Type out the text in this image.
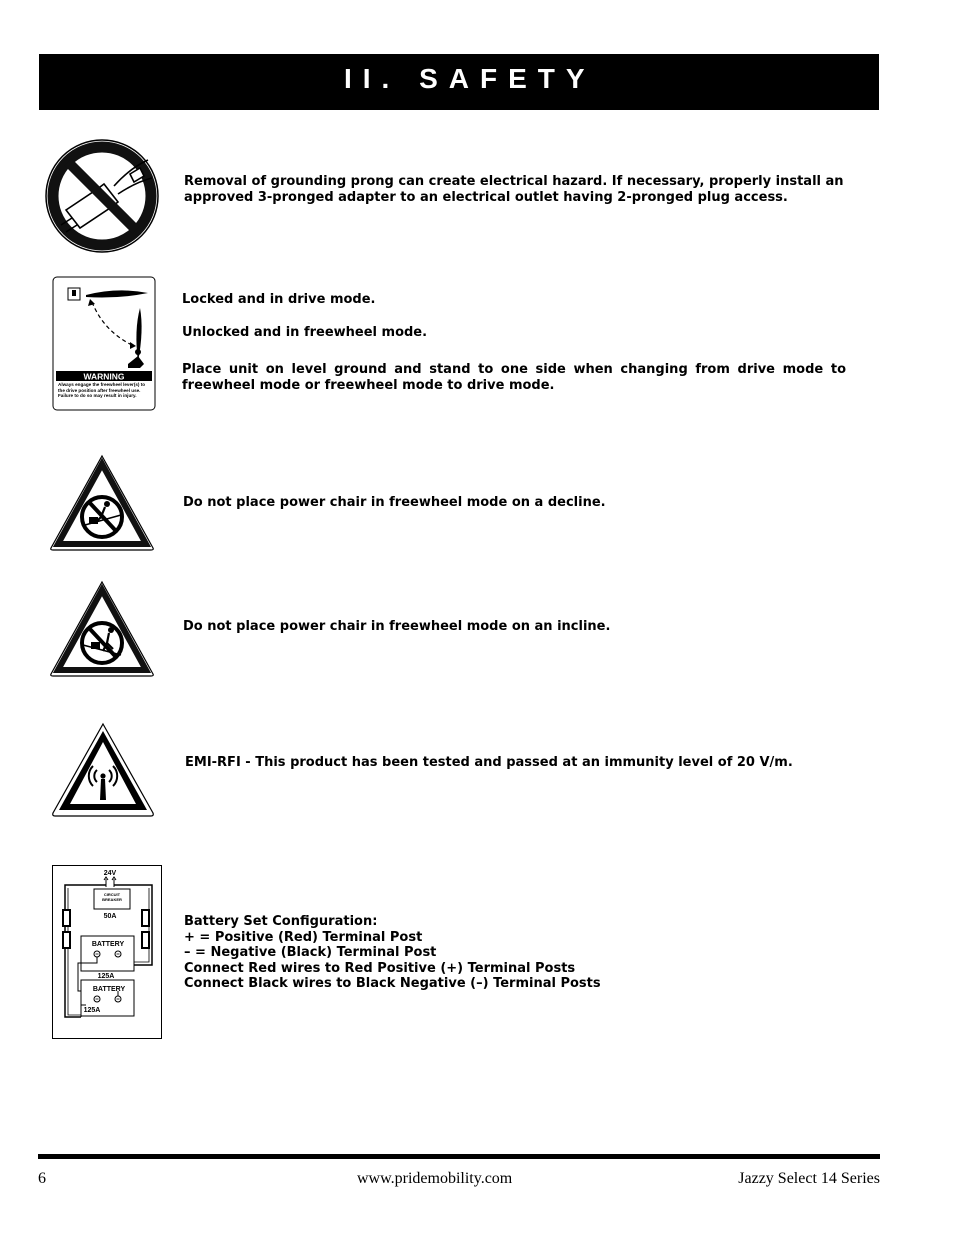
II. SAFETY

Removal of grounding prong can create electrical hazard. If necessary, properly install an approved 3-pronged adapter to an electrical outlet having 2-pronged plug access.

WARNING
Always engage the freewheel lever(s) to the drive position after freewheel use. Failure to do so may result in injury.

Locked and in drive mode.

Unlocked and in freewheel mode.

Place unit on level ground and stand to one side when changing from drive mode to freewheel mode or freewheel mode to drive mode.

Do not place power chair in freewheel mode on a decline.

Do not place power chair in freewheel mode on an incline.

EMI-RFI - This product has been tested and passed at an immunity level of 20 V/m.

24V
CIRCUIT BREAKER
50A
BATTERY
125A
BATTERY
125A

Battery Set Configuration:

+ = Positive (Red) Terminal Post

– = Negative (Black) Terminal Post

Connect Red wires to Red Positive (+) Terminal Posts

Connect Black wires to Black Negative (–) Terminal Posts

6	www.pridemobility.com	Jazzy Select 14 Series
